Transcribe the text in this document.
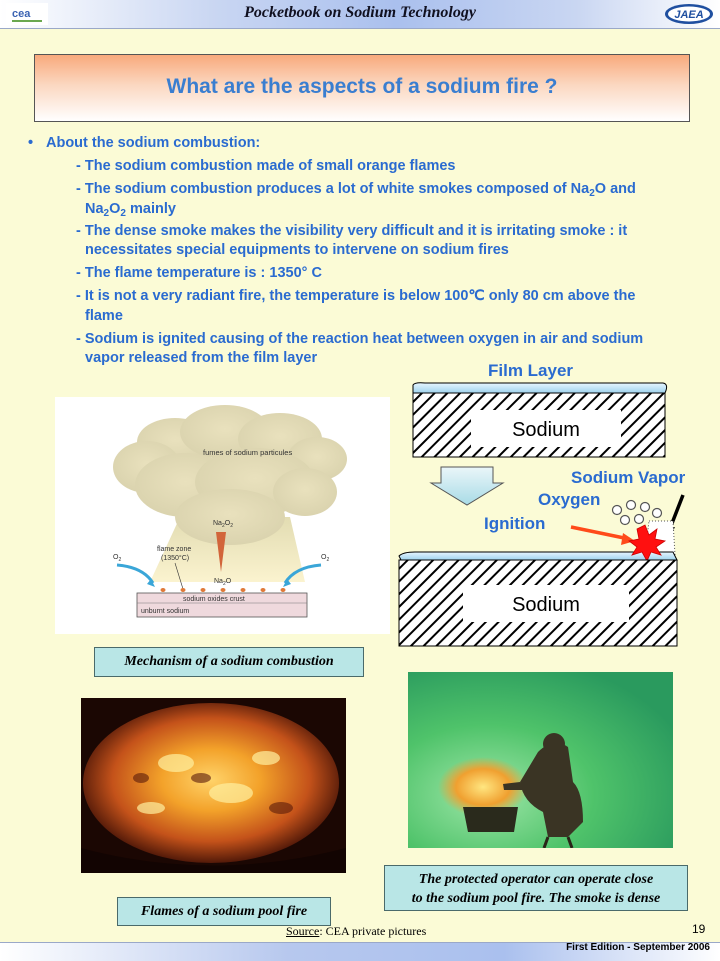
cea	Pocketbook on Sodium Technology	JAEA
What are the aspects of a sodium fire ?
• About the sodium combustion:
- The sodium combustion made of small orange flames
- The sodium combustion produces a lot of white smokes composed of $Na_2O$ and
$Na_2O_2$ mainly
- The dense smoke makes the visibility very difficult and it is irritating smoke : it
necessitates special equipments to intervene on sodium fires
- The flame temperature is : 1350° C
- It is not a very radiant fire, the temperature is below 100℃ only 80 cm above the
flame
- Sodium is ignited causing of the reaction heat between oxygen in air and sodium
vapor released from the film layer
fumes of sodium particules
$Na_2O_2$
$Na_2O$
flame zone
(1350°C)
$O_2$	$O_2$
sodium oxides crust
unburnt sodium
Mechanism of a sodium combustion
Film Layer
Sodium
Sodium Vapor
Oxygen
Ignition
Sodium
Flames of a sodium pool fire
The protected operator can operate close
to the sodium pool fire. The smoke is dense
Source: CEA private pictures	19
First Edition - September 2006
